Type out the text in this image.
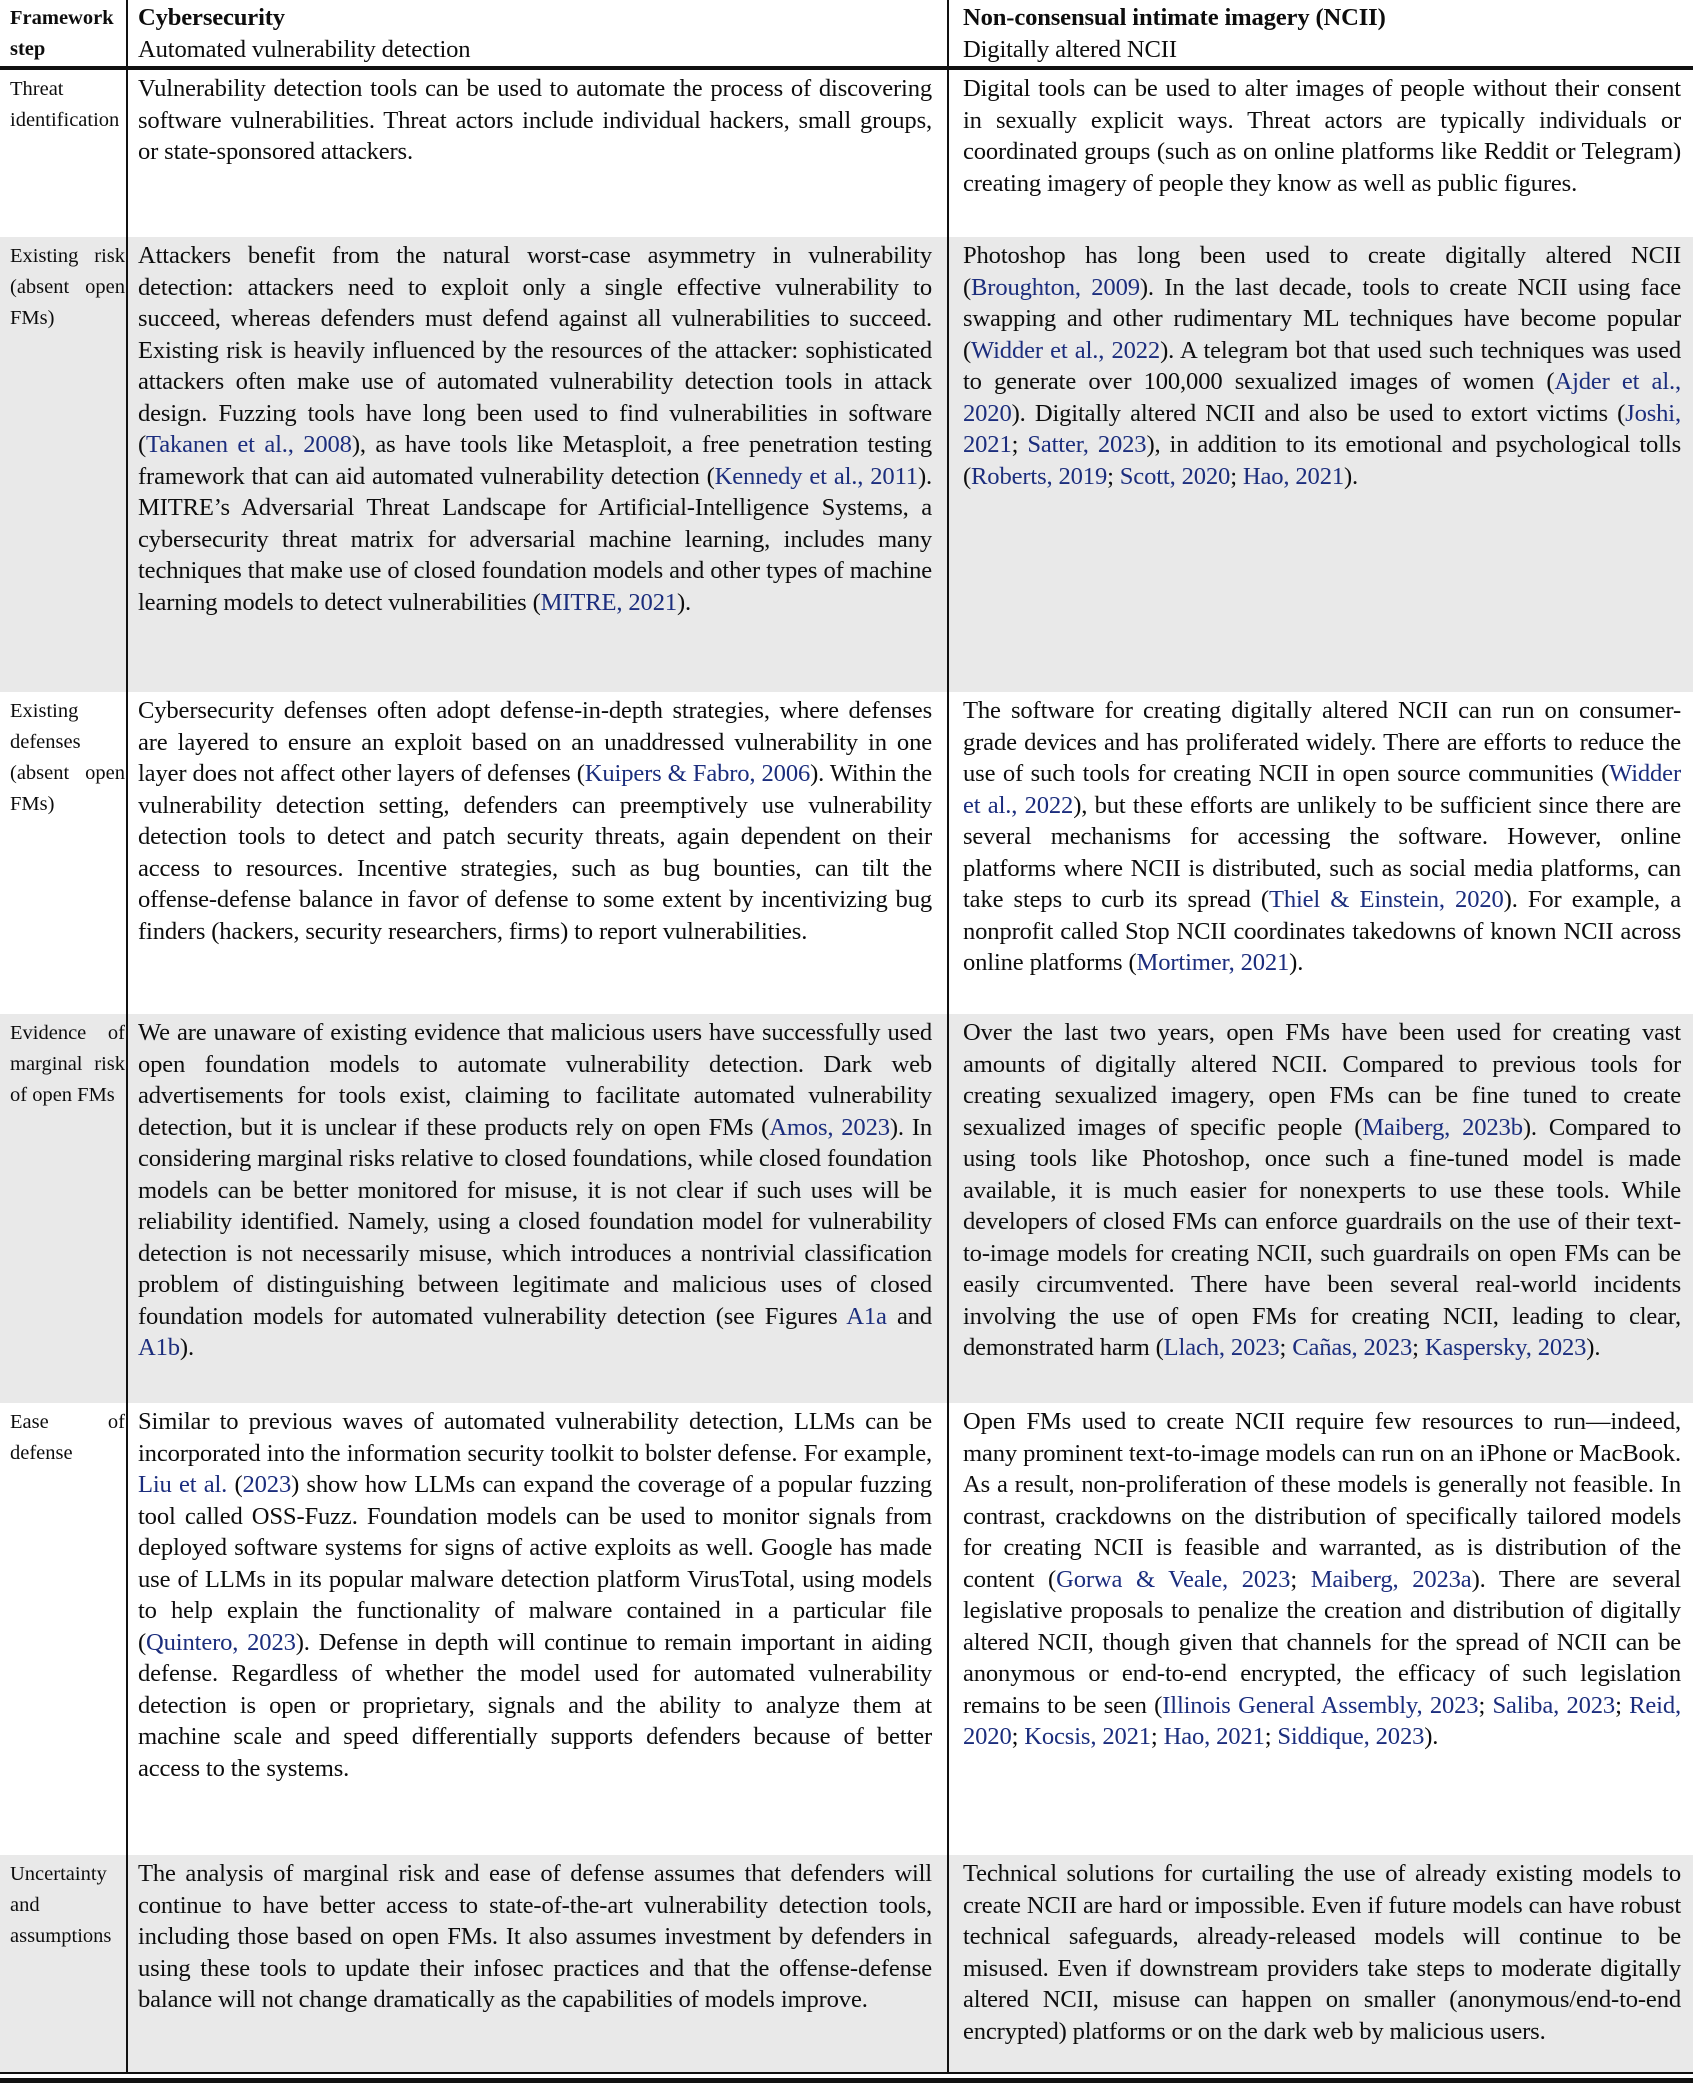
Framework step
Cybersecurity
Automated vulnerability detection
Non-consensual intimate imagery (NCII)
Digitally altered NCII
Threat identification

Vulnerability detection tools can be used to automate the process of discovering software vulnerabilities. Threat actors include individual hackers, small groups, or state-sponsored attackers.

Digital tools can be used to alter images of people without their consent in sexually explicit ways. Threat actors are typically individuals or coordinated groups (such as on online platforms like Reddit or Telegram) creating imagery of people they know as well as public figures.

Existing risk (absent open FMs)

Attackers benefit from the natural worst-case asymmetry in vulnerability detection: attackers need to exploit only a single effective vulnerability to succeed, whereas defenders must defend against all vulnerabilities to succeed. Existing risk is heavily influenced by the resources of the attacker: sophisticated attackers often make use of automated vulnerability detection tools in attack design. Fuzzing tools have long been used to find vulnerabilities in software (Takanen et al., 2008), as have tools like Metasploit, a free penetration testing framework that can aid automated vulnerability detection (Kennedy et al., 2011). MITRE’s Adversarial Threat Landscape for Artificial-Intelligence Systems, a cybersecurity threat matrix for adversarial machine learning, includes many techniques that make use of closed foundation models and other types of machine learning models to detect vulnerabilities (MITRE, 2021).

Photoshop has long been used to create digitally altered NCII (Broughton, 2009). In the last decade, tools to create NCII using face swapping and other rudimentary ML techniques have become popular (Widder et al., 2022). A telegram bot that used such techniques was used to generate over 100,000 sexualized images of women (Ajder et al., 2020). Digitally altered NCII and also be used to extort victims (Joshi, 2021; Satter, 2023), in addition to its emotional and psychological tolls (Roberts, 2019; Scott, 2020; Hao, 2021).

Existing defenses (absent open FMs)

Cybersecurity defenses often adopt defense-in-depth strategies, where defenses are layered to ensure an exploit based on an unaddressed vulnerability in one layer does not affect other layers of defenses (Kuipers & Fabro, 2006). Within the vulnerability detection setting, defenders can preemptively use vulnerability detection tools to detect and patch security threats, again dependent on their access to resources. Incentive strategies, such as bug bounties, can tilt the offense-defense balance in favor of defense to some extent by incentivizing bug finders (hackers, security researchers, firms) to report vulnerabilities.

The software for creating digitally altered NCII can run on consumer-grade devices and has proliferated widely. There are efforts to reduce the use of such tools for creating NCII in open source communities (Widder et al., 2022), but these efforts are unlikely to be sufficient since there are several mechanisms for accessing the software. However, online platforms where NCII is distributed, such as social media platforms, can take steps to curb its spread (Thiel & Einstein, 2020). For example, a nonprofit called Stop NCII coordinates takedowns of known NCII across online platforms (Mortimer, 2021).

Evidence of marginal risk of open FMs

We are unaware of existing evidence that malicious users have successfully used open foundation models to automate vulnerability detection. Dark web advertisements for tools exist, claiming to facilitate automated vulnerability detection, but it is unclear if these products rely on open FMs (Amos, 2023). In considering marginal risks relative to closed foundations, while closed foundation models can be better monitored for misuse, it is not clear if such uses will be reliability identified. Namely, using a closed foundation model for vulnerability detection is not necessarily misuse, which introduces a nontrivial classification problem of distinguishing between legitimate and malicious uses of closed foundation models for automated vulnerability detection (see Figures A1a and A1b).

Over the last two years, open FMs have been used for creating vast amounts of digitally altered NCII. Compared to previous tools for creating sexualized imagery, open FMs can be fine tuned to create sexualized images of specific people (Maiberg, 2023b). Compared to using tools like Photoshop, once such a fine-tuned model is made available, it is much easier for nonexperts to use these tools. While developers of closed FMs can enforce guardrails on the use of their text-to-image models for creating NCII, such guardrails on open FMs can be easily circumvented. There have been several real-world incidents involving the use of open FMs for creating NCII, leading to clear, demonstrated harm (Llach, 2023; Cañas, 2023; Kaspersky, 2023).

Ease of defense

Similar to previous waves of automated vulnerability detection, LLMs can be incorporated into the information security toolkit to bolster defense. For example, Liu et al. (2023) show how LLMs can expand the coverage of a popular fuzzing tool called OSS-Fuzz. Foundation models can be used to monitor signals from deployed software systems for signs of active exploits as well. Google has made use of LLMs in its popular malware detection platform VirusTotal, using models to help explain the functionality of malware contained in a particular file (Quintero, 2023). Defense in depth will continue to remain important in aiding defense. Regardless of whether the model used for automated vulnerability detection is open or proprietary, signals and the ability to analyze them at machine scale and speed differentially supports defenders because of better access to the systems.

Open FMs used to create NCII require few resources to run—indeed, many prominent text-to-image models can run on an iPhone or MacBook. As a result, non-proliferation of these models is generally not feasible. In contrast, crackdowns on the distribution of specifically tailored models for creating NCII is feasible and warranted, as is distribution of the content (Gorwa & Veale, 2023; Maiberg, 2023a). There are several legislative proposals to penalize the creation and distribution of digitally altered NCII, though given that channels for the spread of NCII can be anonymous or end-to-end encrypted, the efficacy of such legislation remains to be seen (Illinois General Assembly, 2023; Saliba, 2023; Reid, 2020; Kocsis, 2021; Hao, 2021; Siddique, 2023).

Uncertainty and assumptions

The analysis of marginal risk and ease of defense assumes that defenders will continue to have better access to state-of-the-art vulnerability detection tools, including those based on open FMs. It also assumes investment by defenders in using these tools to update their infosec practices and that the offense-defense balance will not change dramatically as the capabilities of models improve.

Technical solutions for curtailing the use of already existing models to create NCII are hard or impossible. Even if future models can have robust technical safeguards, already-released models will continue to be misused. Even if downstream providers take steps to moderate digitally altered NCII, misuse can happen on smaller (anonymous/end-to-end encrypted) platforms or on the dark web by malicious users.
